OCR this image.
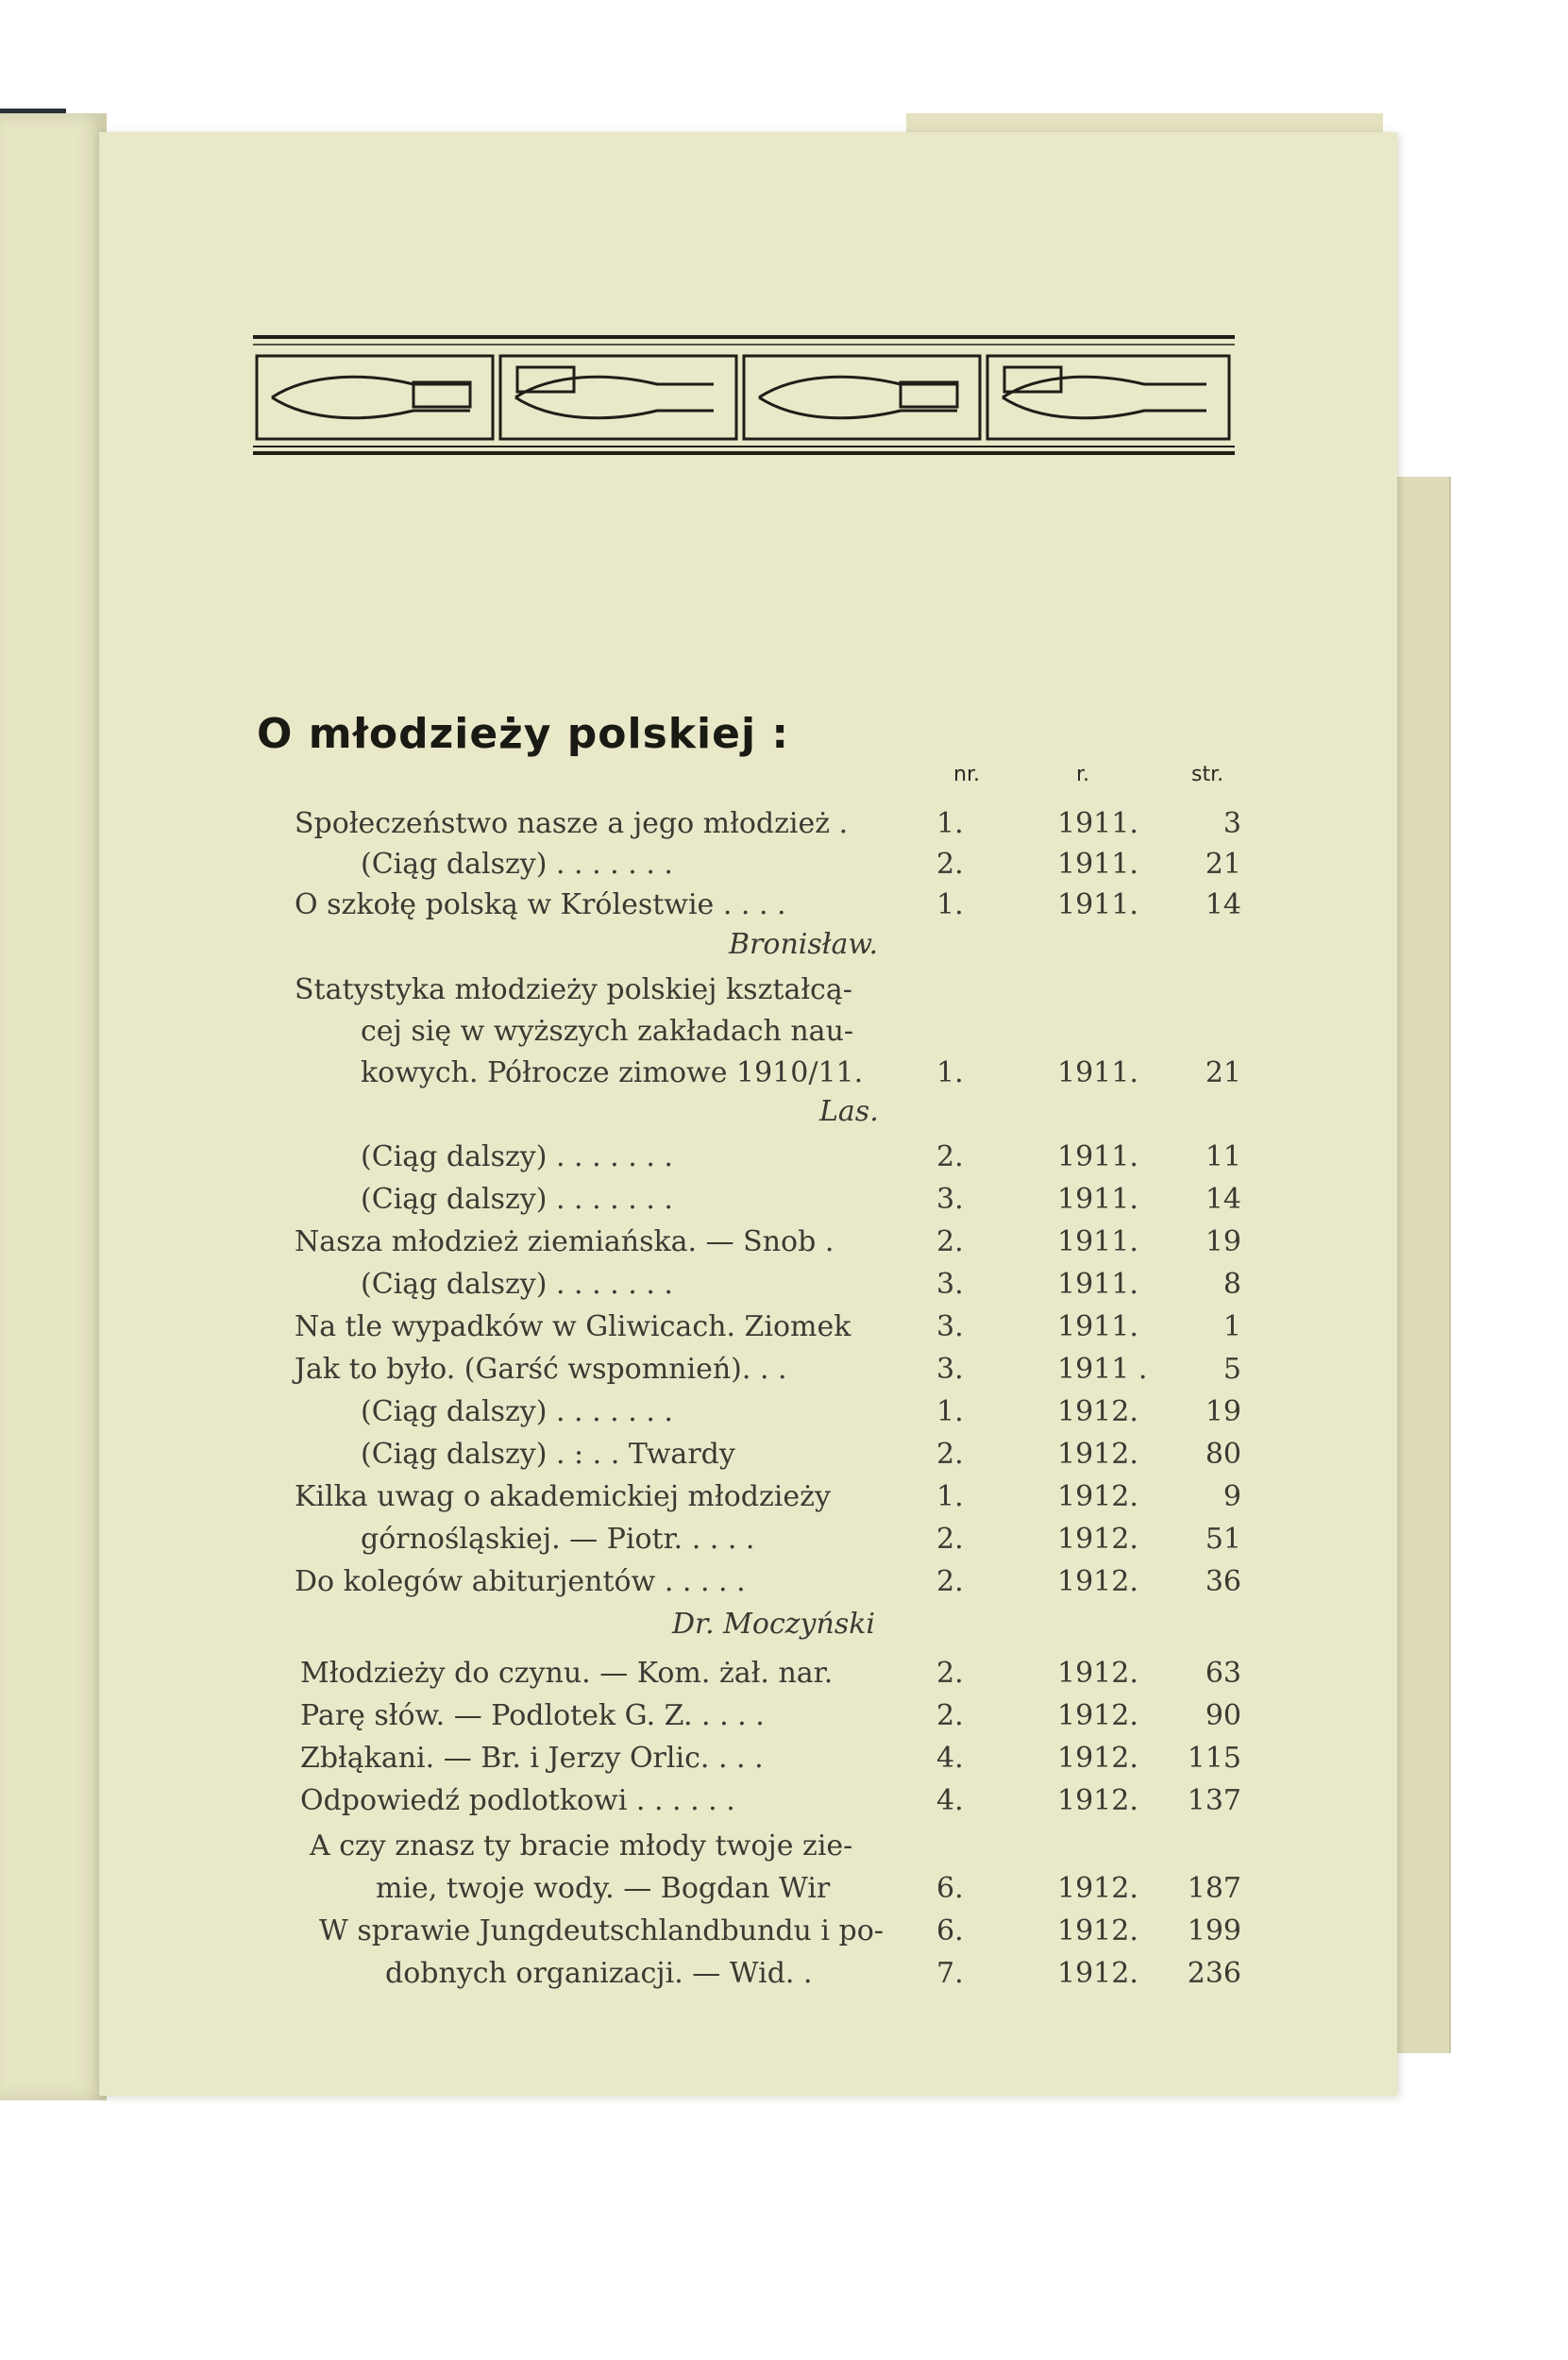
O młodzieży polskiej :
nr.	r.	str.
Społeczeństwo nasze a jego młodzież .	1.	1911.	3
(Ciąg dalszy) . . . . . . .	2.	1911.	21
O szkołę polską w Królestwie . . . .	1.	1911.	14
Bronisław.
Statystyka młodzieży polskiej kształcą-
cej się w wyższych zakładach nau-
kowych. Półrocze zimowe 1910/11.	1.	1911.	21
Las.
(Ciąg dalszy) . . . . . . .	2.	1911.	11
(Ciąg dalszy) . . . . . . .	3.	1911.	14
Nasza młodzież ziemiańska. — Snob .	2.	1911.	19
(Ciąg dalszy) . . . . . . .	3.	1911.	8
Na tle wypadków w Gliwicach. Ziomek	3.	1911.	1
Jak to było. (Garść wspomnień). . .	3.	1911 .	5
(Ciąg dalszy) . . . . . . .	1.	1912.	19
(Ciąg dalszy) . : . . Twardy	2.	1912.	80
Kilka uwag o akademickiej młodzieży	1.	1912.	9
górnośląskiej. — Piotr. . . . .	2.	1912.	51
Do kolegów abiturjentów . . . . .	2.	1912.	36
Dr. Moczyński
Młodzieży do czynu. — Kom. żał. nar.	2.	1912.	63
Parę słów. — Podlotek G. Z. . . . .	2.	1912.	90
Zbłąkani. — Br. i Jerzy Orlic. . . .	4.	1912. 115
Odpowiedź podlotkowi . . . . . .	4.	1912. 137
A czy znasz ty bracie młody twoje zie-
mie, twoje wody. — Bogdan Wir	6.	1912. 187
W sprawie Jungdeutschlandbundu i po- 6.	1912. 199
dobnych organizacji. — Wid. .	7.	1912. 236
